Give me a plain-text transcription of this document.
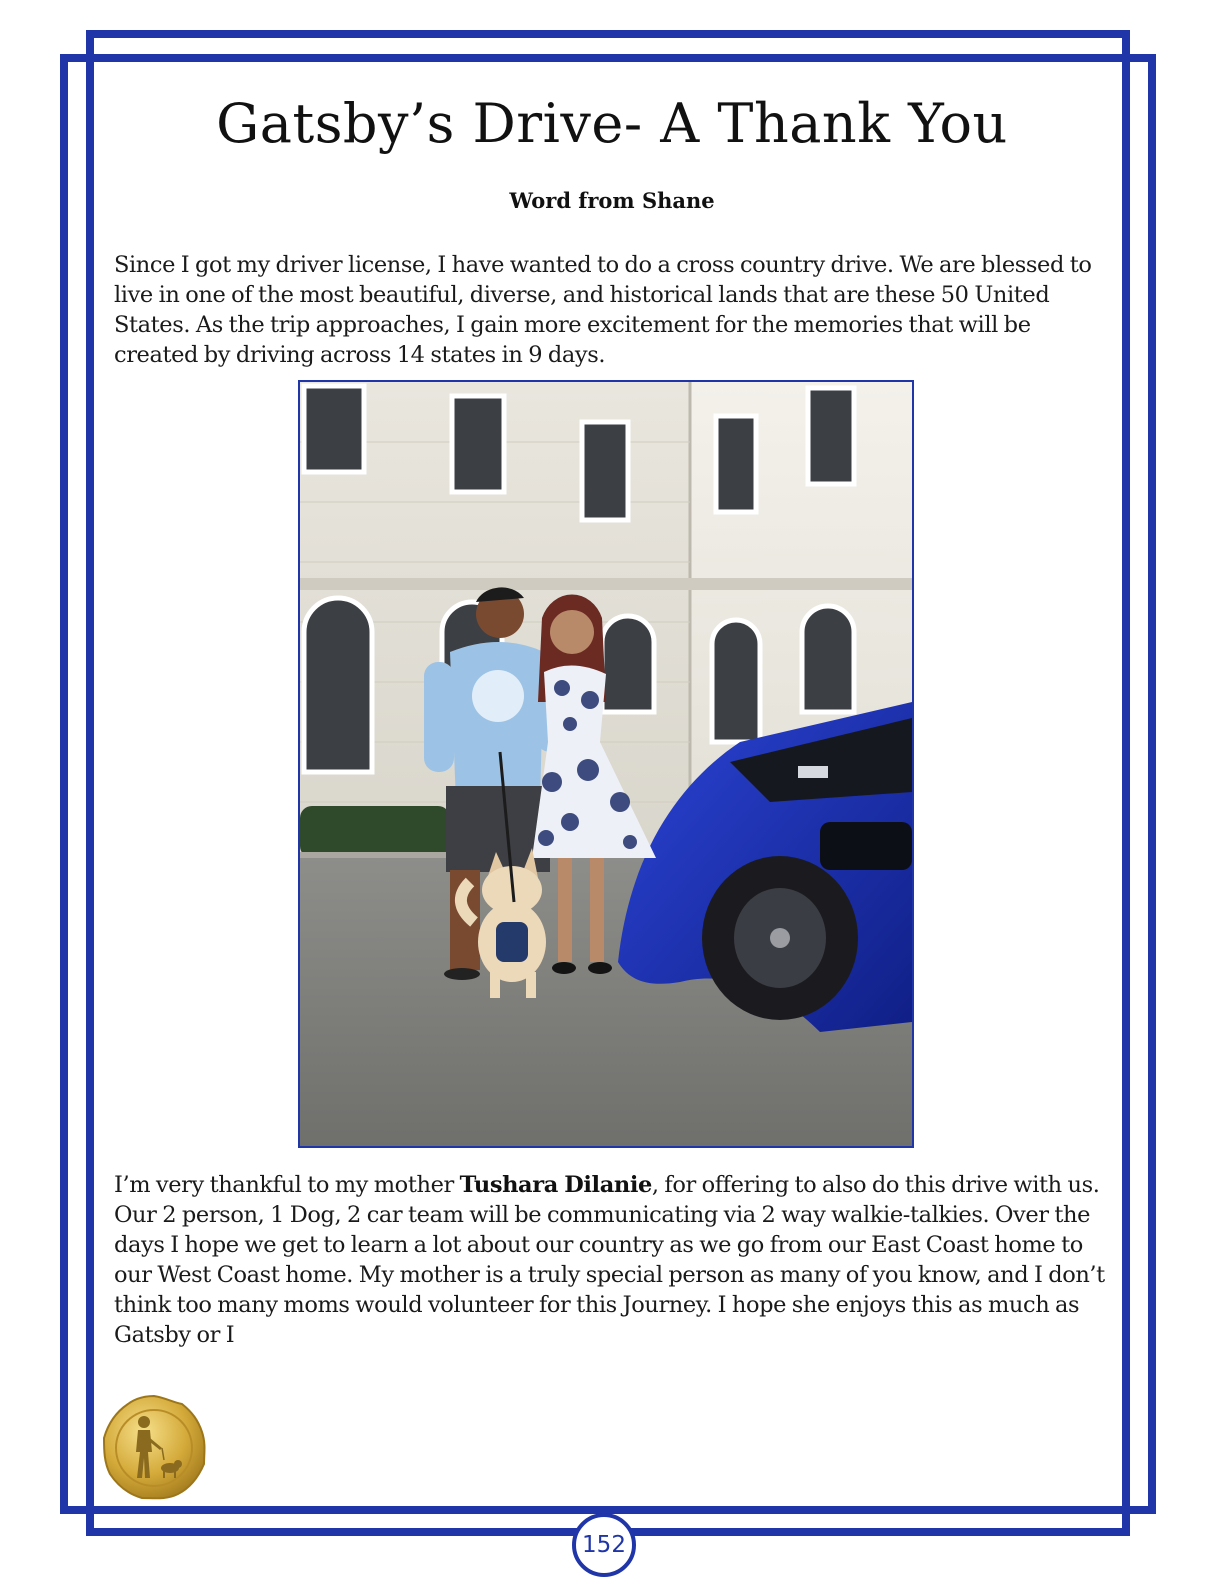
Gatsby’s Drive- A Thank You
Word from Shane

Since I got my driver license, I have wanted to do a cross country drive. We are blessed to live in one of the most beautiful, diverse, and historical lands that are these 50 United States. As the trip approaches, I gain more excitement for the memories that will be created by driving across 14 states in 9 days.

I’m very thankful to my mother Tushara Dilanie, for offering to also do this drive with us. Our 2 person, 1 Dog, 2 car team will be communicating via 2 way walkie-talkies. Over the days I hope we get to learn a lot about our country as we go from our East Coast home to our West Coast home. My mother is a truly special person as many of you know, and I don’t think too many moms would volunteer for this Journey. I hope she enjoys this as much as Gatsby or I

152
